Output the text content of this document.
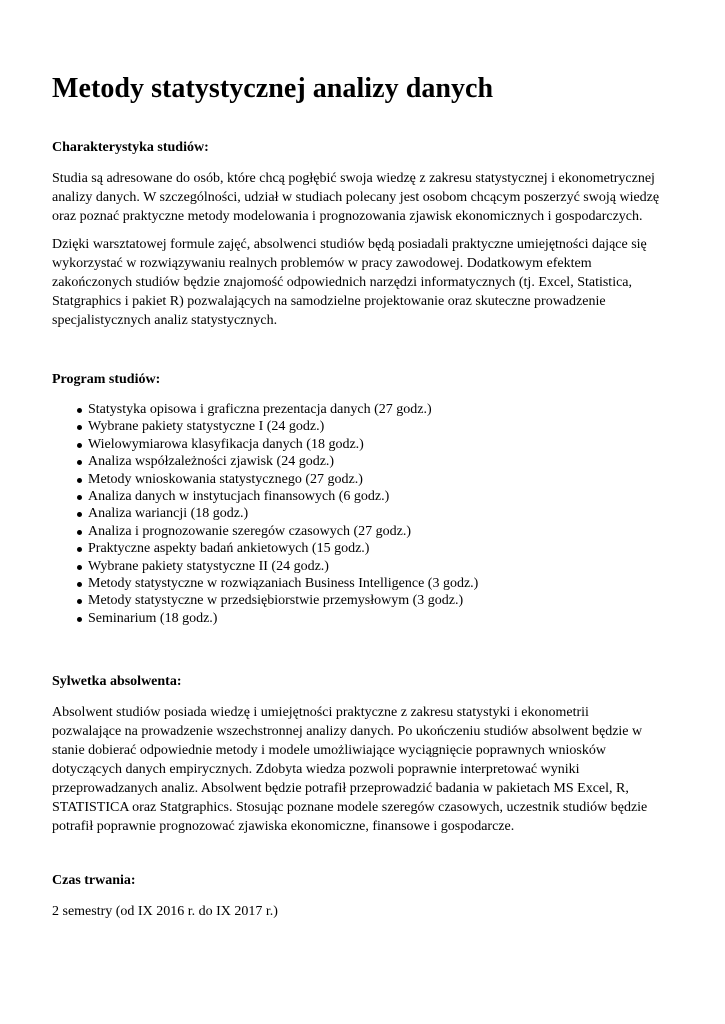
Metody statystycznej analizy danych
Charakterystyka studiów:
Studia są adresowane do osób, które chcą pogłębić swoja wiedzę z zakresu statystycznej i ekonometrycznej
analizy danych. W szczególności, udział w studiach polecany jest osobom chcącym poszerzyć swoją wiedzę
oraz poznać praktyczne metody modelowania i prognozowania zjawisk ekonomicznych i gospodarczych.
Dzięki warsztatowej formule zajęć, absolwenci studiów będą posiadali praktyczne umiejętności dające się
wykorzystać w rozwiązywaniu realnych problemów w pracy zawodowej. Dodatkowym efektem
zakończonych studiów będzie znajomość odpowiednich narzędzi informatycznych (tj. Excel, Statistica,
Statgraphics i pakiet R) pozwalających na samodzielne projektowanie oraz skuteczne prowadzenie
specjalistycznych analiz statystycznych.
Program studiów:
Statystyka opisowa i graficzna prezentacja danych (27 godz.)
Wybrane pakiety statystyczne I (24 godz.)
Wielowymiarowa klasyfikacja danych (18 godz.)
Analiza współzależności zjawisk (24 godz.)
Metody wnioskowania statystycznego (27 godz.)
Analiza danych w instytucjach finansowych (6 godz.)
Analiza wariancji (18 godz.)
Analiza i prognozowanie szeregów czasowych (27 godz.)
Praktyczne aspekty badań ankietowych (15 godz.)
Wybrane pakiety statystyczne II (24 godz.)
Metody statystyczne w rozwiązaniach Business Intelligence (3 godz.)
Metody statystyczne w przedsiębiorstwie przemysłowym (3 godz.)
Seminarium (18 godz.)
Sylwetka absolwenta:
Absolwent studiów posiada wiedzę i umiejętności praktyczne z zakresu statystyki i ekonometrii
pozwalające na prowadzenie wszechstronnej analizy danych. Po ukończeniu studiów absolwent będzie w
stanie dobierać odpowiednie metody i modele umożliwiające wyciągnięcie poprawnych wniosków
dotyczących danych empirycznych. Zdobyta wiedza pozwoli poprawnie interpretować wyniki
przeprowadzanych analiz. Absolwent będzie potrafił przeprowadzić badania w pakietach MS Excel, R,
STATISTICA oraz Statgraphics. Stosując poznane modele szeregów czasowych, uczestnik studiów będzie
potrafił poprawnie prognozować zjawiska ekonomiczne, finansowe i gospodarcze.
Czas trwania:
2 semestry (od IX 2016 r. do IX 2017 r.)
